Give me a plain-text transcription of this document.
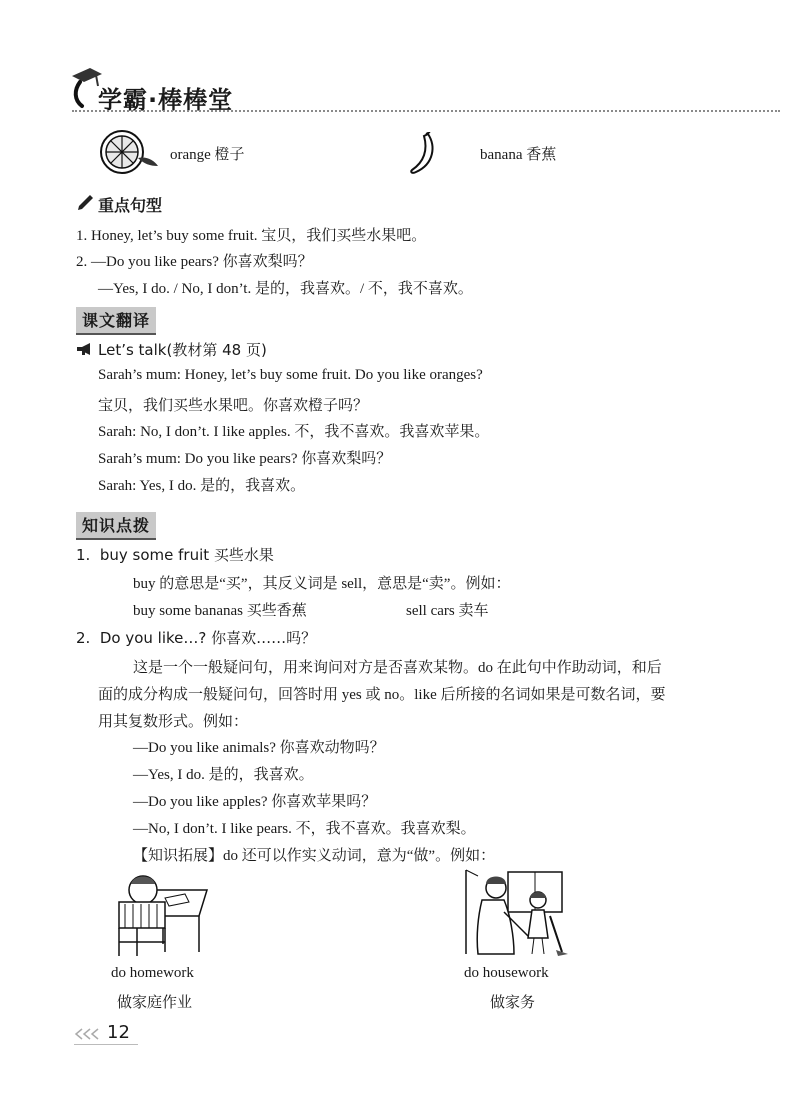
学霸·棒棒堂
orange 橙子	banana 香蕉
重点句型
1. Honey, let’s buy some fruit. 宝贝，我们买些水果吧。
2. —Do you like pears? 你喜欢梨吗？
—Yes, I do. / No, I don’t. 是的，我喜欢。/ 不，我不喜欢。
课文翻译
Let’s talk(教材第 48 页)
Sarah’s mum: Honey, let’s buy some fruit. Do you like oranges?
宝贝，我们买些水果吧。你喜欢橙子吗？
Sarah: No, I don’t. I like apples. 不，我不喜欢。我喜欢苹果。
Sarah’s mum: Do you like pears? 你喜欢梨吗？
Sarah: Yes, I do. 是的，我喜欢。
知识点拨
1.  buy some fruit 买些水果
buy 的意思是“买”，其反义词是 sell，意思是“卖”。例如：
buy some bananas 买些香蕉	sell cars 卖车
2.  Do you like…? 你喜欢……吗？
这是一个一般疑问句，用来询问对方是否喜欢某物。do 在此句中作助动词，和后
面的成分构成一般疑问句，回答时用 yes 或 no。like 后所接的名词如果是可数名词，要
用其复数形式。例如：
—Do you like animals? 你喜欢动物吗？
—Yes, I do. 是的，我喜欢。
—Do you like apples? 你喜欢苹果吗？
—No, I don’t. I like pears. 不，我不喜欢。我喜欢梨。
【知识拓展】do 还可以作实义动词，意为“做”。例如：
do homework
做家庭作业
do housework
做家务
12
